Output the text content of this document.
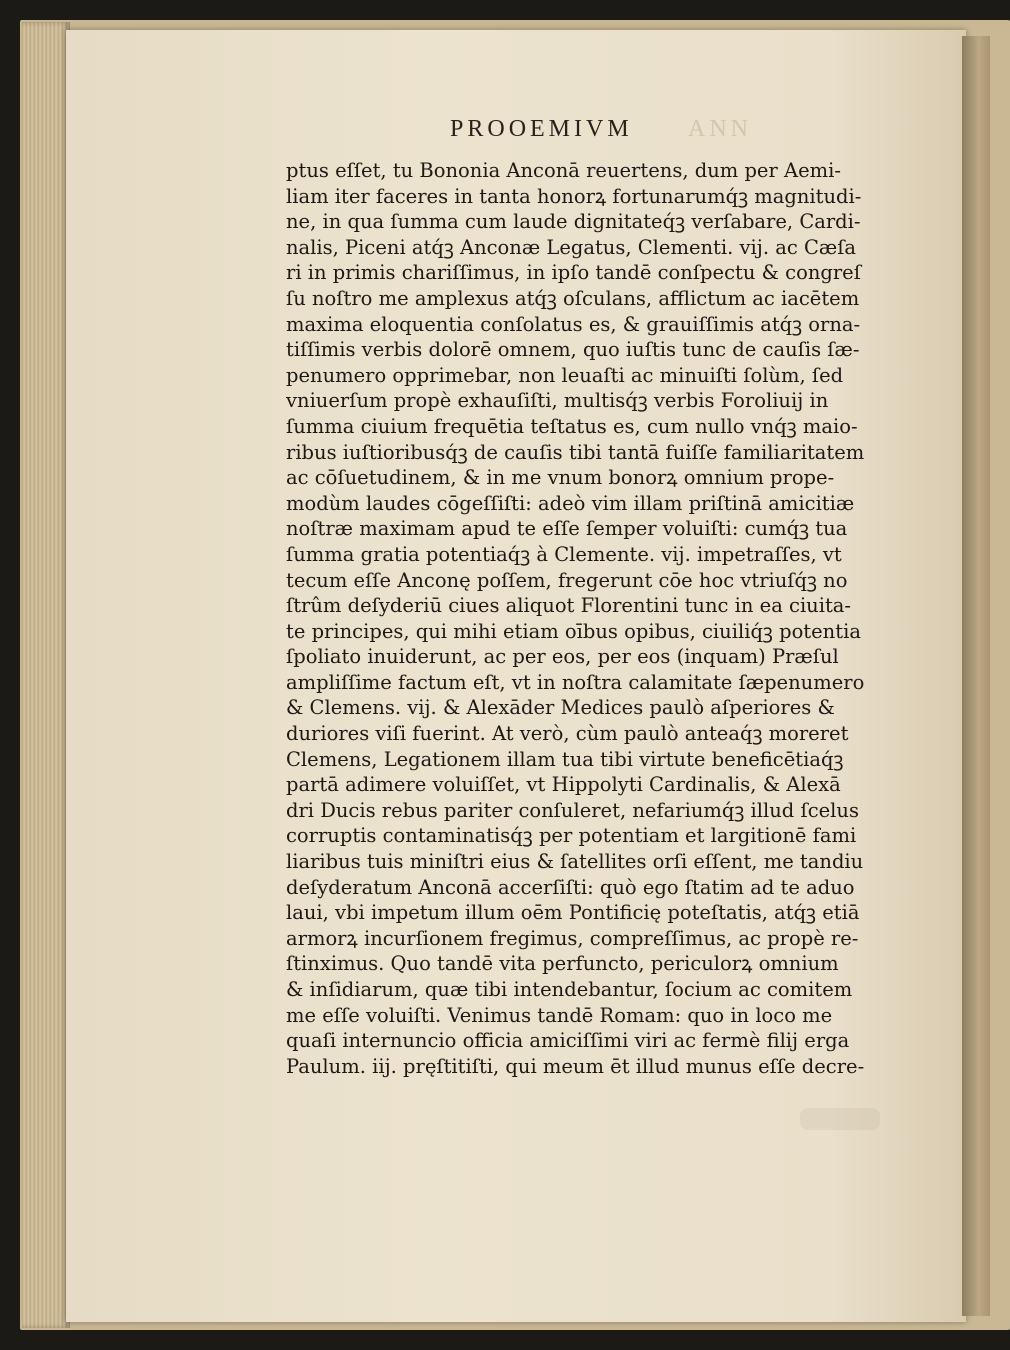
ANN
PROOEMIVM
ptus eſſet, tu Bononia Anconā reuertens, dum per Aemi-
liam iter faceres in tanta honorꝝ fortunarumq́ꝫ magnitudi-
ne, in qua ſumma cum laude dignitateq́ꝫ verſabare, Cardi-
nalis, Piceni atq́ꝫ Anconæ Legatus, Clementi. vij. ac Cæſa
ri in primis chariſſimus, in ipſo tandē conſpectu & congreſ
ſu noſtro me amplexus atq́ꝫ oſculans, afflictum ac iacētem
maxima eloquentia conſolatus es, & grauiſſimis atq́ꝫ orna-
tiſſimis verbis dolorē omnem, quo iuſtis tunc de cauſis ſæ-
penumero opprimebar, non leuaſti ac minuiſti ſolùm, ſed
vniuerſum propè exhauſiſti, multisq́ꝫ verbis Foroliuij in
ſumma ciuium frequētia teſtatus es, cum nullo vnq́ꝫ maio-
ribus iuſtioribusq́ꝫ de cauſis tibi tantā fuiſſe familiaritatem
ac cōſuetudinem, & in me vnum bonorꝝ omnium prope-
modùm laudes cōgeſſiſti: adeò vim illam priſtinā amicitiæ
noſtræ maximam apud te eſſe ſemper voluiſti: cumq́ꝫ tua
ſumma gratia potentiaq́ꝫ à Clemente. vij. impetraſſes, vt
tecum eſſe Anconę poſſem, fregerunt cōe hoc vtriuſq́ꝫ no
ſtrûm deſyderiū ciues aliquot Florentini tunc in ea ciuita-
te principes, qui mihi etiam oībus opibus, ciuiliq́ꝫ potentia
ſpoliato inuiderunt, ac per eos, per eos (inquam) Præſul
ampliſſime factum eſt, vt in noſtra calamitate ſæpenumero
& Clemens. vij. & Alexāder Medices paulò aſperiores &
duriores viſi fuerint. At verò, cùm paulò anteaq́ꝫ moreret
Clemens, Legationem illam tua tibi virtute beneficētiaq́ꝫ
partā adimere voluiſſet, vt Hippolyti Cardinalis, & Alexā
dri Ducis rebus pariter conſuleret, nefariumq́ꝫ illud ſcelus
corruptis contaminatisq́ꝫ per potentiam et largitionē fami
liaribus tuis miniſtri eius & ſatellites orſi eſſent, me tandiu
deſyderatum Anconā accerſiſti: quò ego ſtatim ad te aduo
laui, vbi impetum illum oēm Pontificię poteſtatis, atq́ꝫ etiā
armorꝝ incurſionem fregimus, compreſſimus, ac propè re-
ſtinximus. Quo tandē vita perfuncto, periculorꝝ omnium
& inſidiarum, quæ tibi intendebantur, ſocium ac comitem
me eſſe voluiſti. Venimus tandē Romam: quo in loco me
quaſi internuncio officia amiciſſimi viri ac fermè filij erga
Paulum. iij. pręſtitiſti, qui meum ēt illud munus eſſe decre-
